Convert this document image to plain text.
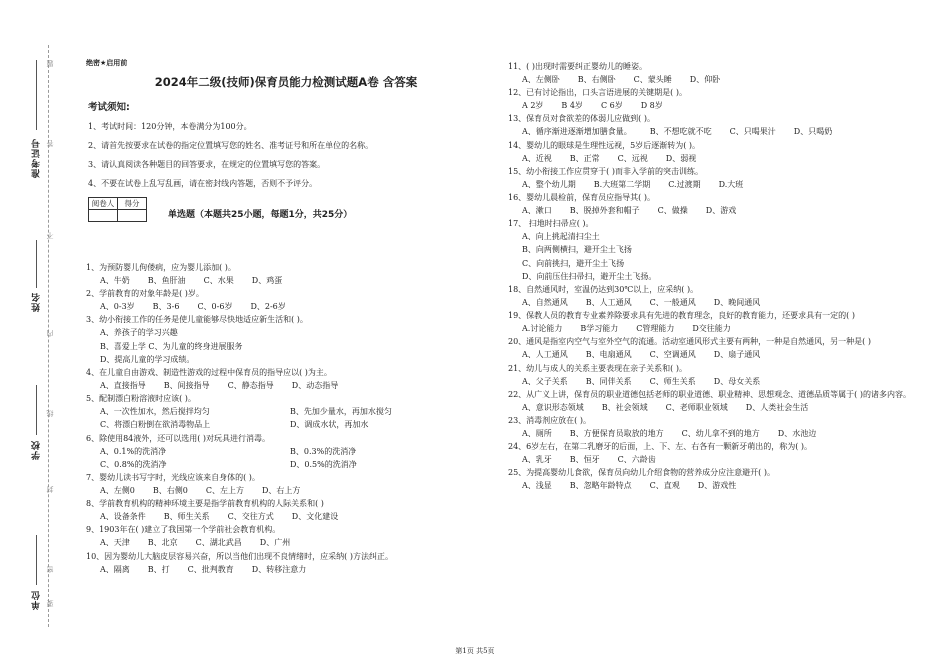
准考证号
姓名
学校
单位
题
答
不
内
线
封
密
要
绝密★启用前
2024年二级(技师)保育员能力检测试题A卷 含答案
考试须知:
1、考试时间：120分钟，本卷满分为100分。
2、请首先按要求在试卷的指定位置填写您的姓名、准考证号和所在单位的名称。
3、请认真阅读各种题目的回答要求，在规定的位置填写您的答案。
4、不要在试卷上乱写乱画，请在密封线内答题，否则不予评分。
阅卷人	得分

单选题（本题共25小题，每题1分，共25分）
1、为预防婴儿佝偻病，应为婴儿添加( )。
A、牛奶 B、鱼肝油 C、水果 D、鸡蛋
2、学前教育的对象年龄是( )岁。
A、0-3岁 B、3-6 C、0-6岁 D、2-6岁
3、幼小衔接工作的任务是使儿童能够尽快地适应新生活和( )。
A、养孩子的学习兴趣
B、喜爱上学 C、为儿童的终身进展服务
D、提高儿童的学习成绩。
4、在儿童自由游戏、制造性游戏的过程中保育员的指导应以( )为主。
A、直接指导 B、间接指导 C、静态指导 D、动态指导
5、配制漂白粉溶液时应该( )。
A、一次性加水，然后搅拌均匀	B、先加少量水，再加水搅匀
C、将漂白粉倒在欲消毒物品上	D、调成水状，再加水
6、除使用84液外，还可以选用( )对玩具进行消毒。
A、0.1%的洗消净	B、0.3%的洗消净
C、0.8%的洗消净	D、0.5%的洗消净
7、婴幼儿读书写字时，光线应该来自身体的( )。
A、左侧0 B、右侧0 C、左上方 D、右上方
8、学前教育机构的精神环境主要是指学前教育机构的人际关系和( )
A、设备条件 B、师生关系 C、交往方式 D、文化建设
9、1903年在( )建立了我国第一个学前社会教育机构。
A、天津 B、北京 C、湖北武昌 D、广州
10、因为婴幼儿大脑皮层容易兴奋，所以当他们出现不良情绪时，应采纳( )方法纠正。
A、隔离 B、打 C、批判教育 D、转移注意力
11、( )出现时需要纠正婴幼儿的睡姿。
A、左侧卧 B、右侧卧 C、蒙头睡 D、仰卧
12、已有讨论指出，口头言语进展的关键期是( )。
A 2岁 B 4岁 C 6岁 D 8岁
13、保育员对食欲差的体弱儿应做到( )。
A、循序渐进逐渐增加膳食量。 B、不想吃就不吃 C、只喝果汁 D、只喝奶
14、婴幼儿的眼球是生理性远视，5岁后逐渐转为( )。
A、近视 B、正常 C、远视 D、弱视
15、幼小衔接工作应贯穿于( )而非入学前的突击训练。
A、整个幼儿期 B.大班第二学期 C.过渡期 D.大班
16、婴幼儿晨检前，保育员应指导其( )。
A、漱口 B、脱掉外套和帽子 C、做操 D、游戏
17、 扫地时扫帚应( )。
A、向上挑起清扫尘土
B、向两侧横扫，避开尘土飞扬
C、向前挑扫，避开尘土飞扬
D、向前压住扫帚扫，避开尘土飞扬。
18、自然通风时，室温仍达到30℃以上，应采纳( )。
A、自然通风 B、人工通风 C、一般通风 D、晚间通风
19、保教人员的教育专业素养除要求具有先进的教育理念，良好的教育能力，还要求具有一定的( )
A.讨论能力 B学习能力 C管理能力 D交往能力
20、通风是指室内空气与室外空气的流通。活动室通风形式主要有两种，一种是自然通风，另一种是( )
A、人工通风 B、电扇通风 C、空调通风 D、扇子通风
21、幼儿与成人的关系主要表现在亲子关系和( )。
A、父子关系 B、同伴关系 C、师生关系 D、母女关系
22、从广义上讲，保育员的职业道德包括老师的职业道德、职业精神、思想观念、道德品质等属于( )的诸多内容。
A、意识形态领域 B、社会领域 C、老师职业领域 D、人类社会生活
23、消毒剂应放在( )。
A、厕所 B、方便保育员取放的地方 C、幼儿拿不到的地方 D、水池边
24、6岁左右，在第二乳磨牙的后面，上、下、左、右各有一颗新牙萌出的，称为( )。
A、乳牙 B、恒牙 C、六龄齿
25、为提高婴幼儿食欲，保育员向幼儿介绍食物的营养成分应注意避开( )。
A、浅显 B、忽略年龄特点 C、直观 D、游戏性
第1页 共5页
